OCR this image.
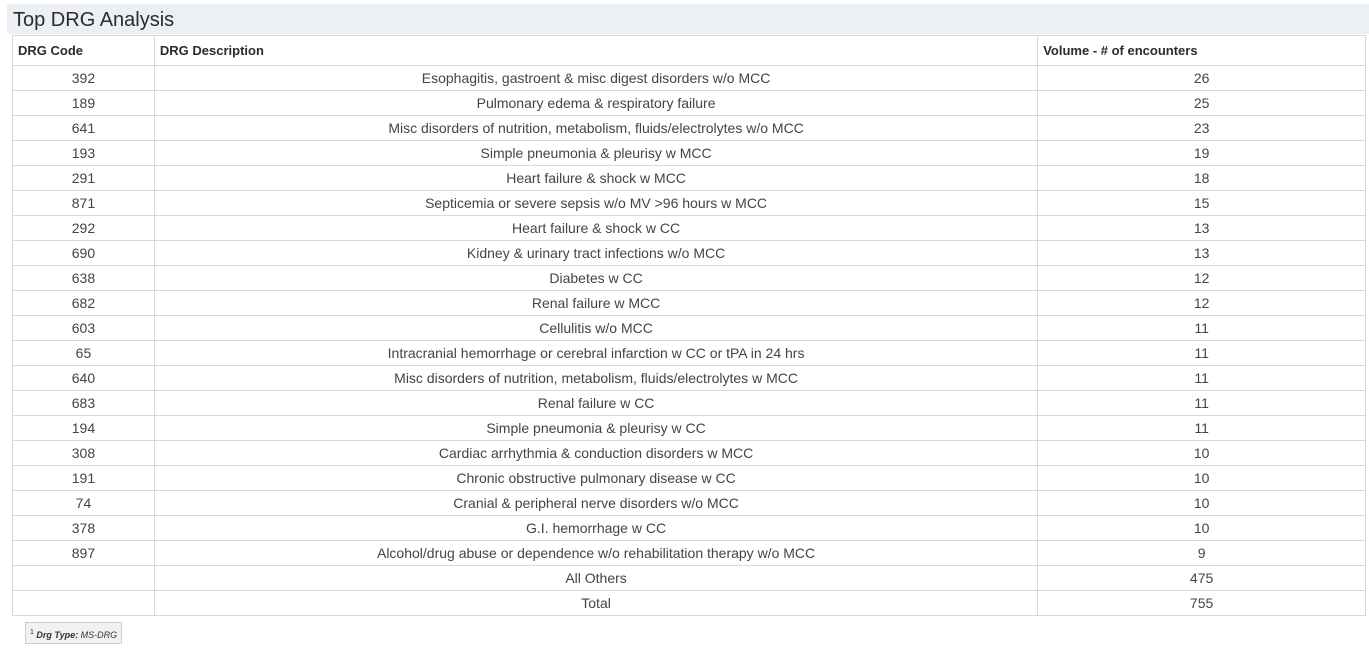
Top DRG Analysis
DRG Code	DRG Description	Volume - # of encounters
392	Esophagitis, gastroent & misc digest disorders w/o MCC	26
189	Pulmonary edema & respiratory failure	25
641	Misc disorders of nutrition, metabolism, fluids/electrolytes w/o MCC	23
193	Simple pneumonia & pleurisy w MCC	19
291	Heart failure & shock w MCC	18
871	Septicemia or severe sepsis w/o MV >96 hours w MCC	15
292	Heart failure & shock w CC	13
690	Kidney & urinary tract infections w/o MCC	13
638	Diabetes w CC	12
682	Renal failure w MCC	12
603	Cellulitis w/o MCC	11
65	Intracranial hemorrhage or cerebral infarction w CC or tPA in 24 hrs	11
640	Misc disorders of nutrition, metabolism, fluids/electrolytes w MCC	11
683	Renal failure w CC	11
194	Simple pneumonia & pleurisy w CC	11
308	Cardiac arrhythmia & conduction disorders w MCC	10
191	Chronic obstructive pulmonary disease w CC	10
74	Cranial & peripheral nerve disorders w/o MCC	10
378	G.I. hemorrhage w CC	10
897	Alcohol/drug abuse or dependence w/o rehabilitation therapy w/o MCC	9
	All Others	475
	Total	755
$^1$ Drg Type: MS-DRG
